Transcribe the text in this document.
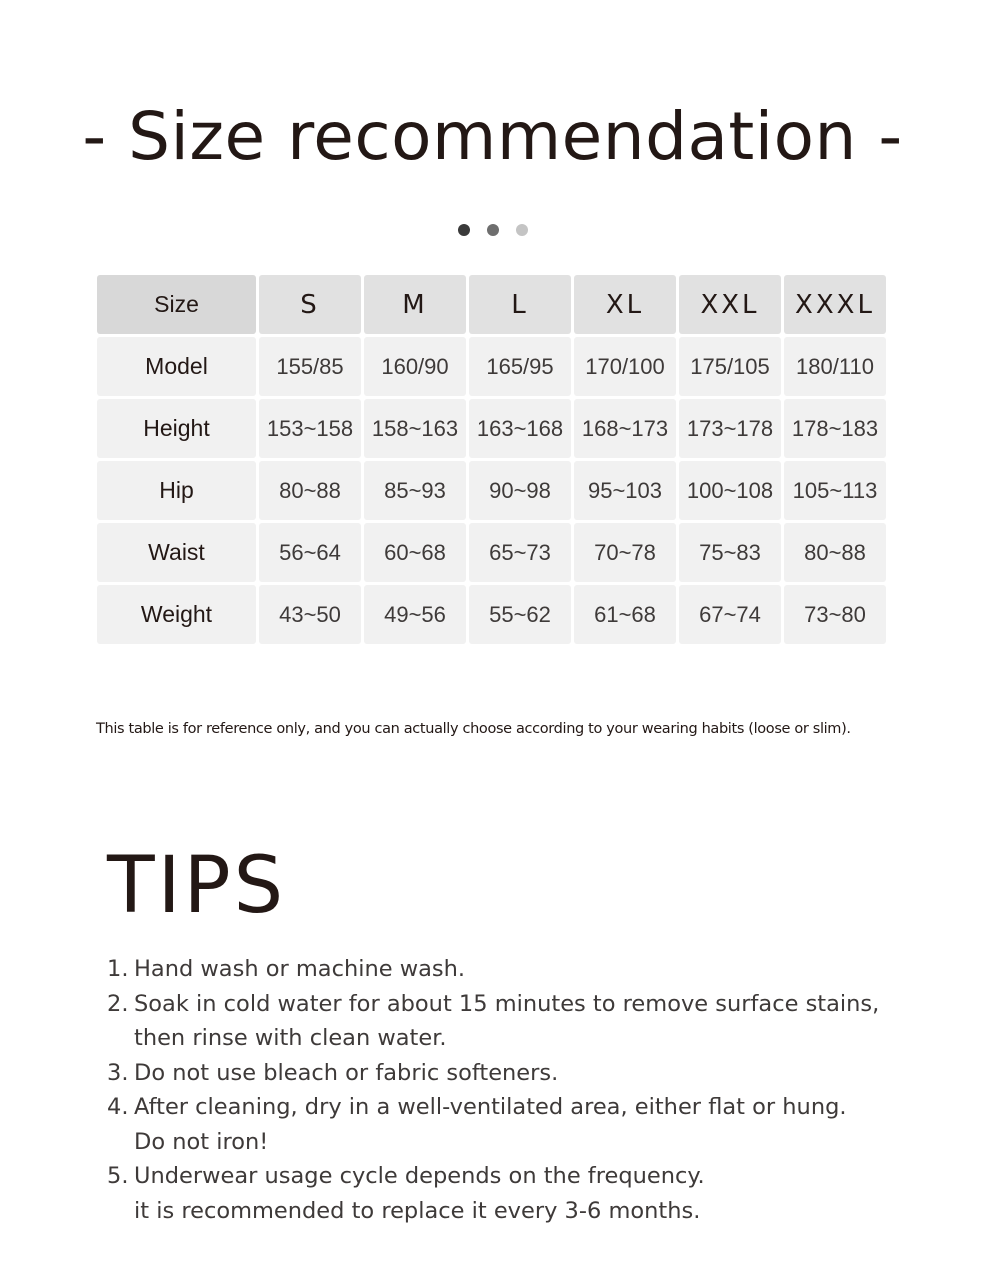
- Size recommendation -
Size	S	M	L	XL	XXL	XXXL
Model	155/85	160/90	165/95	170/100	175/105	180/110
Height	153~158 158~163 163~168 168~173 173~178 178~183
Hip	80~88	85~93	90~98	95~103	100~108 105~113
Waist	56~64	60~68	65~73	70~78	75~83	80~88
Weight	43~50	49~56	55~62	61~68	67~74	73~80
This table is for reference only, and you can actually choose according to your wearing habits (loose or slim).
TIPS
1. Hand wash or machine wash.
2. Soak in cold water for about 15 minutes to remove surface stains,
then rinse with clean water.
3. Do not use bleach or fabric softeners.
4. After cleaning, dry in a well-ventilated area, either flat or hung.
Do not iron!
5. Underwear usage cycle depends on the frequency.
it is recommended to replace it every 3-6 months.
